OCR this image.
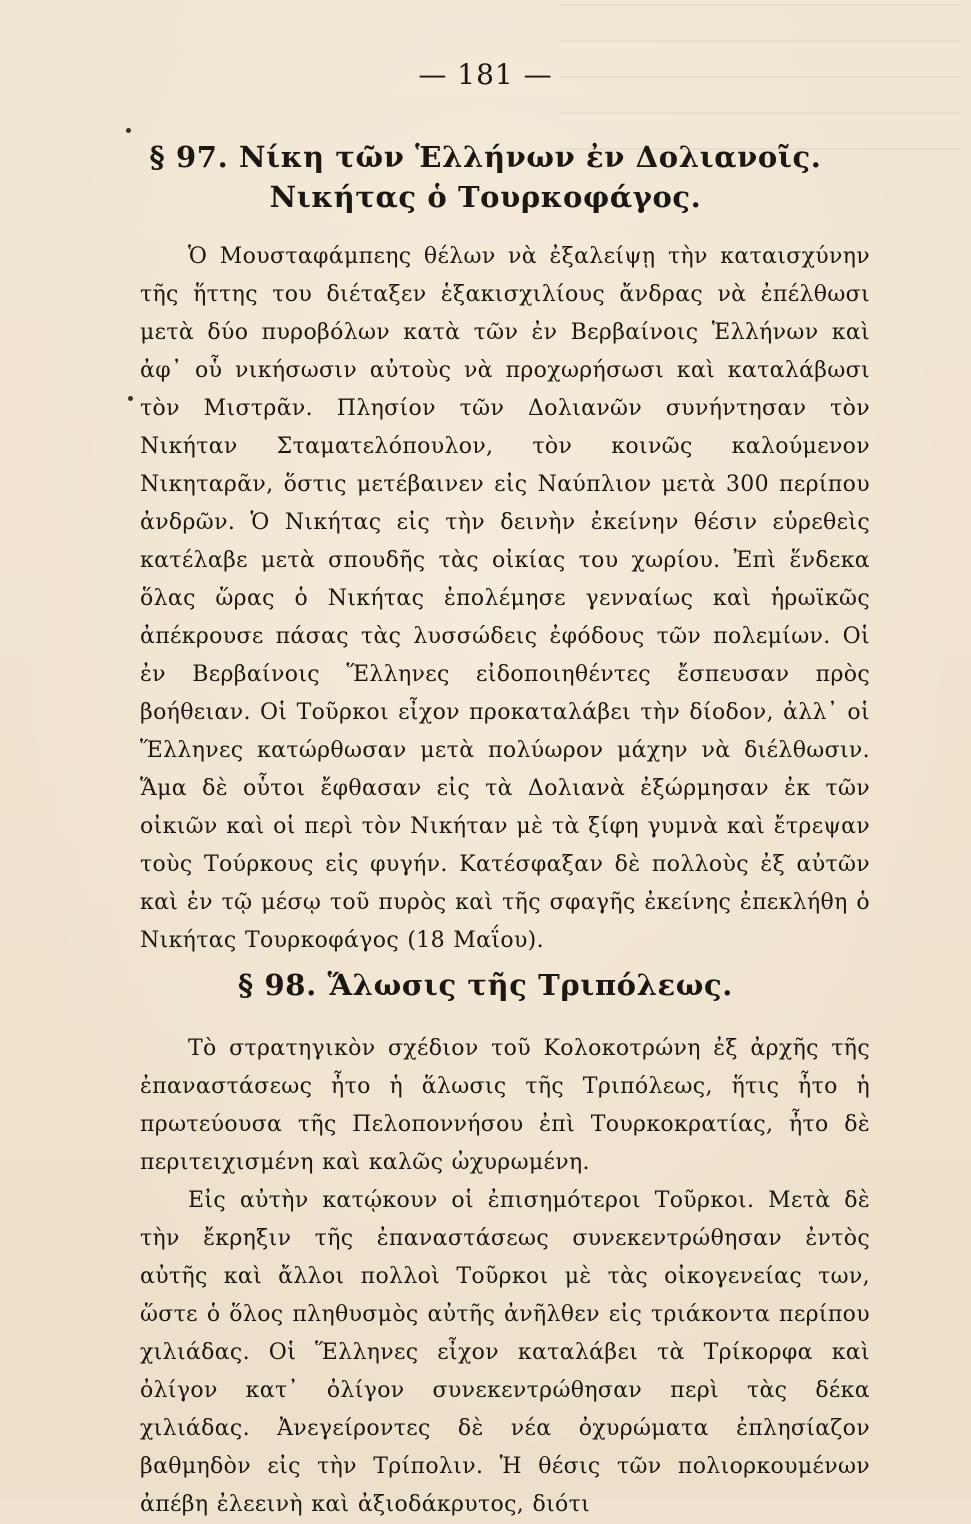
— 181 —
§ 97. Νίκη τῶν Ἑλλήνων ἐν Δολιανοῖς.
Νικήτας ὁ Τουρκοφάγος.

Ὁ Μουσταφάμπεης θέλων νὰ ἐξαλείψῃ τὴν καταισχύνην τῆς ἥττης του διέταξεν ἑξακισχιλίους ἄνδρας νὰ ἐπέλθωσι μετὰ δύο πυροβόλων κατὰ τῶν ἐν Βερβαίνοις Ἑλλήνων καὶ ἀφ᾽ οὗ νικήσωσιν αὐτοὺς νὰ προχωρήσωσι καὶ καταλάβωσι τὸν Μιστρᾶν. Πλησίον τῶν Δολιανῶν συνήντησαν τὸν Νικήταν Σταματελόπουλον, τὸν κοινῶς καλούμενον Νικηταρᾶν, ὅστις μετέβαινεν εἰς Ναύπλιον μετὰ 300 περίπου ἀνδρῶν. Ὁ Νικήτας εἰς τὴν δεινὴν ἐκείνην θέσιν εὑρεθεὶς κατέλαβε μετὰ σπουδῆς τὰς οἰκίας του χωρίου. Ἐπὶ ἕνδεκα ὅλας ὥρας ὁ Νικήτας ἐπολέμησε γενναίως καὶ ἡρωϊκῶς ἀπέκρουσε πάσας τὰς λυσσώδεις ἐφόδους τῶν πολεμίων. Οἱ ἐν Βερβαίνοις Ἕλληνες εἰδοποιηθέντες ἔσπευσαν πρὸς βοήθειαν. Οἱ Τοῦρκοι εἶχον προκαταλάβει τὴν δίοδον, ἀλλ᾽ οἱ Ἕλληνες κατώρθωσαν μετὰ πολύωρον μάχην νὰ διέλθωσιν. Ἅμα δὲ οὗτοι ἔφθασαν εἰς τὰ Δολιανὰ ἐξώρμησαν ἐκ τῶν οἰκιῶν καὶ οἱ περὶ τὸν Νικήταν μὲ τὰ ξίφη γυμνὰ καὶ ἔτρεψαν τοὺς Τούρκους εἰς φυγήν. Κατέσφαξαν δὲ πολλοὺς ἐξ αὐτῶν καὶ ἐν τῷ μέσῳ τοῦ πυρὸς καὶ τῆς σφαγῆς ἐκείνης ἐπεκλήθη ὁ Νικήτας Τουρκοφάγος (18 Μαΐου).

§ 98. Ἅλωσις τῆς Τριπόλεως.

Τὸ στρατηγικὸν σχέδιον τοῦ Κολοκοτρώνη ἐξ ἀρχῆς τῆς ἐπαναστάσεως ἦτο ἡ ἅλωσις τῆς Τριπόλεως, ἥτις ἦτο ἡ πρωτεύουσα τῆς Πελοποννήσου ἐπὶ Τουρκοκρατίας, ἦτο δὲ περιτειχισμένη καὶ καλῶς ὠχυρωμένη.

Εἰς αὐτὴν κατῴκουν οἱ ἐπισημότεροι Τοῦρκοι. Μετὰ δὲ τὴν ἔκρηξιν τῆς ἐπαναστάσεως συνεκεντρώθησαν ἐντὸς αὐτῆς καὶ ἄλλοι πολλοὶ Τοῦρκοι μὲ τὰς οἰκογενείας των, ὥστε ὁ ὅλος πληθυσμὸς αὐτῆς ἀνῆλθεν εἰς τριάκοντα περίπου χιλιάδας. Οἱ Ἕλληνες εἶχον καταλάβει τὰ Τρίκορφα καὶ ὀλίγον κατ᾽ ὀλίγον συνεκεντρώθησαν περὶ τὰς δέκα χιλιάδας. Ἀνεγείροντες δὲ νέα ὀχυρώματα ἐπλησίαζον βαθμηδὸν εἰς τὴν Τρίπολιν. Ἡ θέσις τῶν πολιορκουμένων ἀπέβη ἐλεεινὴ καὶ ἀξιοδάκρυτος, διότι
